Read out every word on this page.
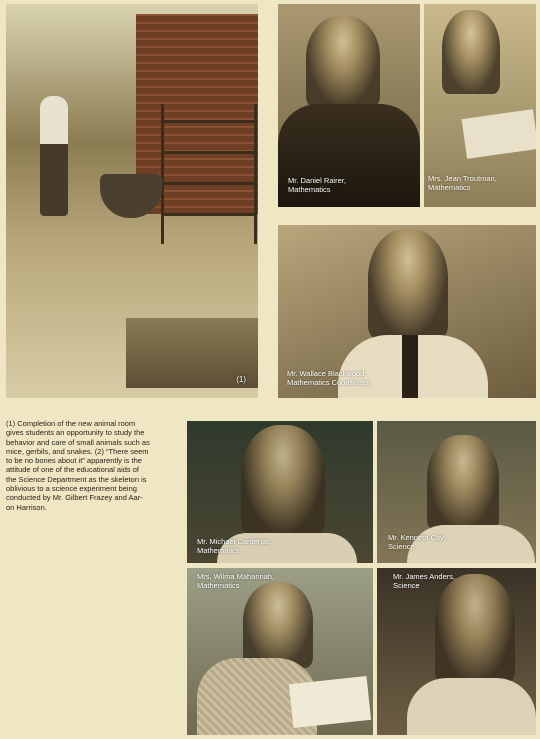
(1)
Mr. Daniel Rairer,
Mathematics
Mrs. Jean Troutman,
Mathematics
Mr. Wallace Blackwood,
Mathematics Coordinator
(1) Completion of the new animal room
gives students an opportunity to study the
behavior and care of small animals such as
mice, gerbils, and snakes. (2) “There seem
to be no bones about it” apparently is the
attitude of one of the educational aids of
the Science Department as the skeleton is
oblivious to a science experiment being
conducted by Mr. Gilbert Frazey and Aar-
on Harrison.
Mr. Michael Cardenas,
Mathematics
Mr. Kenneth Coy,
Science
Mrs. Wilma Mahannah,
Mathematics
Mr. James Anders,
Science
